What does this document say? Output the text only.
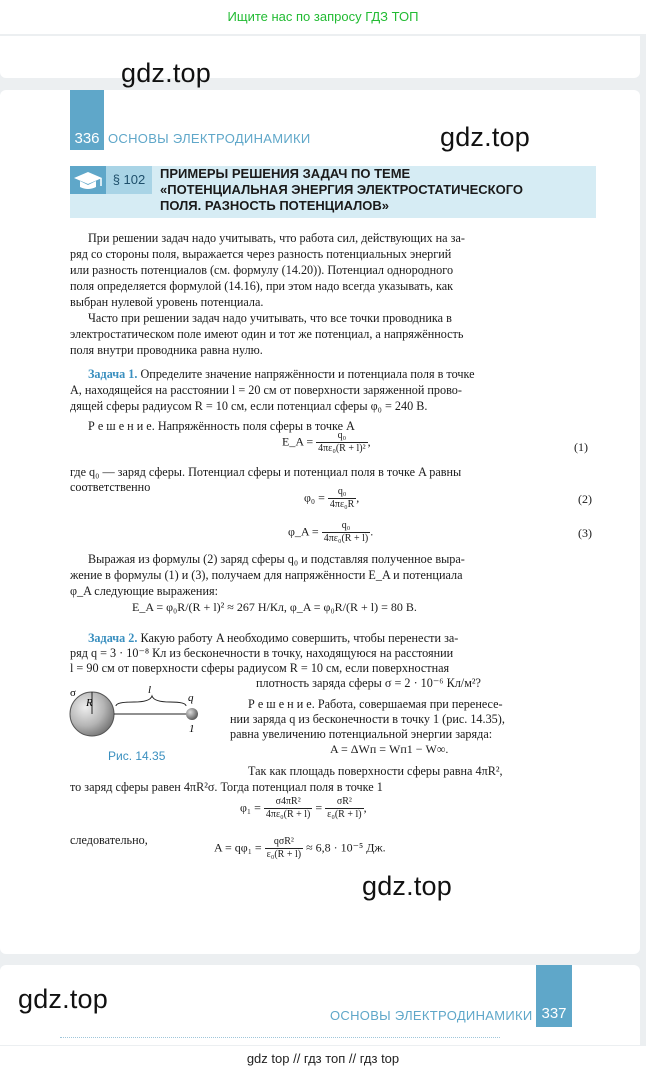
Ищите нас по запросу ГДЗ ТОП
gdz.top
336 ОСНОВЫ ЭЛЕКТРОДИНАМИКИ	gdz.top
§ 102	ПРИМЕРЫ РЕШЕНИЯ ЗАДАЧ ПО ТЕМЕ
«ПОТЕНЦИАЛЬНАЯ ЭНЕРГИЯ ЭЛЕКТРОСТАТИЧЕСКОГО
ПОЛЯ. РАЗНОСТЬ ПОТЕНЦИАЛОВ»
При решении задач надо учитывать, что работа сил, действующих на за-
ряд со стороны поля, выражается через разность потенциальных энергий
или разность потенциалов (см. формулу (14.20)). Потенциал однородного
поля определяется формулой (14.16), при этом надо всегда указывать, как
выбран нулевой уровень потенциала.
Часто при решении задач надо учитывать, что все точки проводника в
электростатическом поле имеют один и тот же потенциал, а напряжённость
поля внутри проводника равна нулю.
Задача 1. Определите значение напряжённости и потенциала поля в точке
A, находящейся на расстоянии l = 20 см от поверхности заряженной прово-
дящей сферы радиусом R = 10 см, если потенциал сферы φ₀ = 240 В.
Р е ш е н и е. Напряжённость поля сферы в точке A
E_A = $\frac{\text{q₀}}{\text{4πε₀(R + l)²}}$ ,	(1)
где q₀ — заряд сферы. Потенциал сферы и потенциал поля в точке A равны
соответственно
$\varphi_0 = \frac{\text{q₀}}{\text{4πε₀R}}$ ,	(2)
φ_A = $\frac{\text{q₀}}{\text{4πε₀(R + l)}}$ .	(3)
Выражая из формулы (2) заряд сферы q₀ и подставляя полученное выра-
жение в формулы (1) и (3), получаем для напряжённости E_A и потенциала
φ_A следующие выражения:
E_A = φ₀R/(R + l)² ≈ 267 Н/Кл, φ_A = φ₀R/(R + l) = 80 В.
Задача 2. Какую работу A необходимо совершить, чтобы перенести за-
ряд q = 3 · 10⁻⁸ Кл из бесконечности в точку, находящуюся на расстоянии
l = 90 см от поверхности сферы радиусом R = 10 см, если поверхностная
плотность заряда сферы σ = 2 · 10⁻⁶ Кл/м²?
σ
R
l
q
1
Рис. 14.35
Р е ш е н и е. Работа, совершаемая при перенесе-
нии заряда q из бесконечности в точку 1 (рис. 14.35),
равна увеличению потенциальной энергии заряда:
A = ΔWп = Wп1 − W∞.
Так как площадь поверхности сферы равна 4πR²,
то заряд сферы равен 4πR²σ. Тогда потенциал поля в точке 1
$\varphi_1 = \frac{\text{σ4πR²}}{\text{4πε₀(R + l)}} = \frac{\text{σR²}}{\text{ε₀(R + l)}}$ ,
следовательно,
$A = q\varphi_1 = \frac{\text{qσR²}}{\text{ε₀(R + l)}} \approx 6,8 \cdot 10^{-5}$ Дж.
gdz.top
gdz.top
ОСНОВЫ ЭЛЕКТРОДИНАМИКИ 337
gdz top // гдз топ // гдз top
